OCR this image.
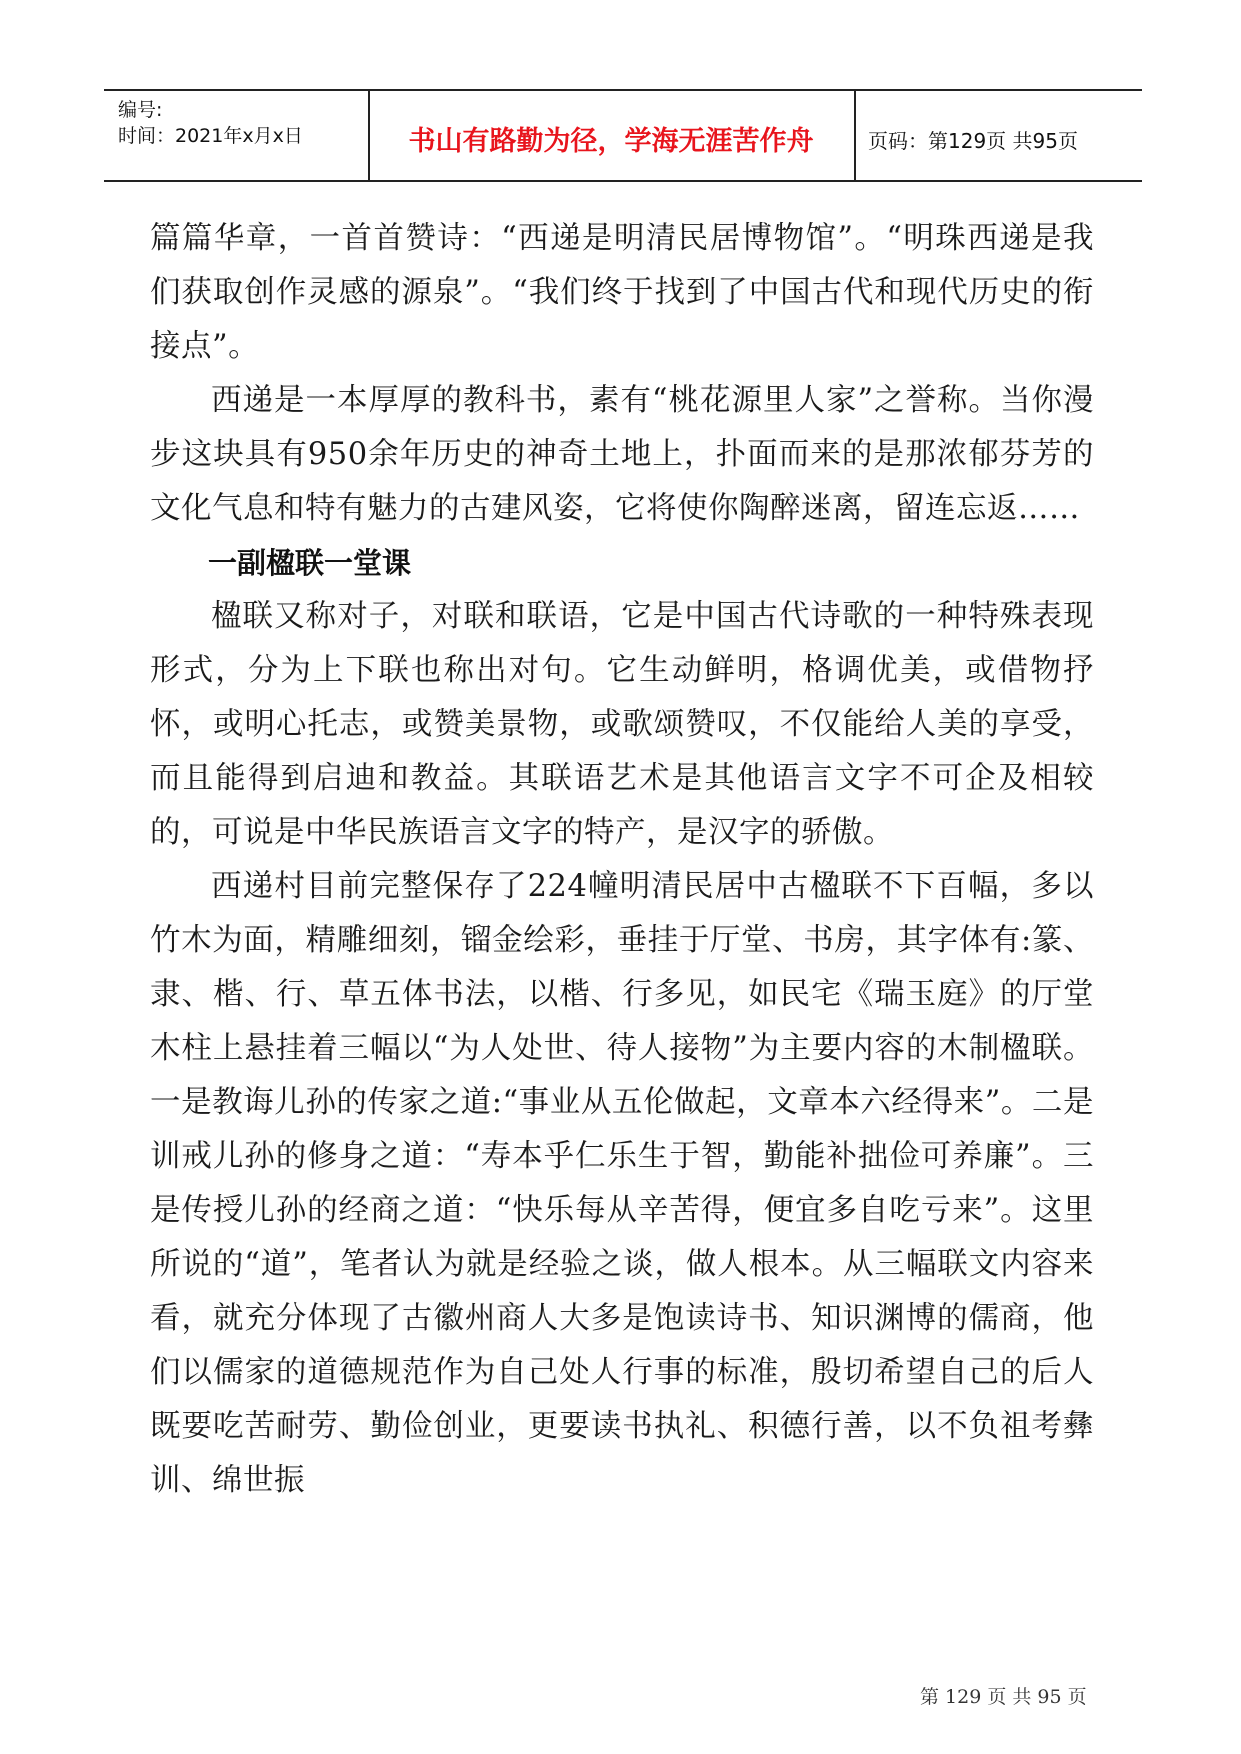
编号:
时间：2021年x月x日	书山有路勤为径，学海无涯苦作舟	页码：第129页 共95页

篇篇华章，一首首赞诗：“西递是明清民居博物馆”。“明珠西递是我们获取创作灵感的源泉”。“我们终于找到了中国古代和现代历史的衔接点”。

西递是一本厚厚的教科书，素有“桃花源里人家”之誉称。当你漫步这块具有950余年历史的神奇土地上，扑面而来的是那浓郁芬芳的文化气息和特有魅力的古建风姿，它将使你陶醉迷离，留连忘返……

一副楹联一堂课

楹联又称对子，对联和联语，它是中国古代诗歌的一种特殊表现形式，分为上下联也称出对句。它生动鲜明，格调优美，或借物抒怀，或明心托志，或赞美景物，或歌颂赞叹，不仅能给人美的享受，而且能得到启迪和教益。其联语艺术是其他语言文字不可企及相较的，可说是中华民族语言文字的特产，是汉字的骄傲。

西递村目前完整保存了224幢明清民居中古楹联不下百幅，多以竹木为面，精雕细刻，镏金绘彩，垂挂于厅堂、书房，其字体有:篆、隶、楷、行、草五体书法，以楷、行多见，如民宅《瑞玉庭》的厅堂木柱上悬挂着三幅以“为人处世、待人接物”为主要内容的木制楹联。一是教诲儿孙的传家之道:“事业从五伦做起，文章本六经得来”。二是训戒儿孙的修身之道：“寿本乎仁乐生于智，勤能补拙俭可养廉”。三是传授儿孙的经商之道：“快乐每从辛苦得，便宜多自吃亏来”。这里所说的“道”，笔者认为就是经验之谈，做人根本。从三幅联文内容来看，就充分体现了古徽州商人大多是饱读诗书、知识渊博的儒商，他们以儒家的道德规范作为自己处人行事的标准，殷切希望自己的后人既要吃苦耐劳、勤俭创业，更要读书执礼、积德行善，以不负祖考彝训、绵世振

第 129 页 共 95 页
